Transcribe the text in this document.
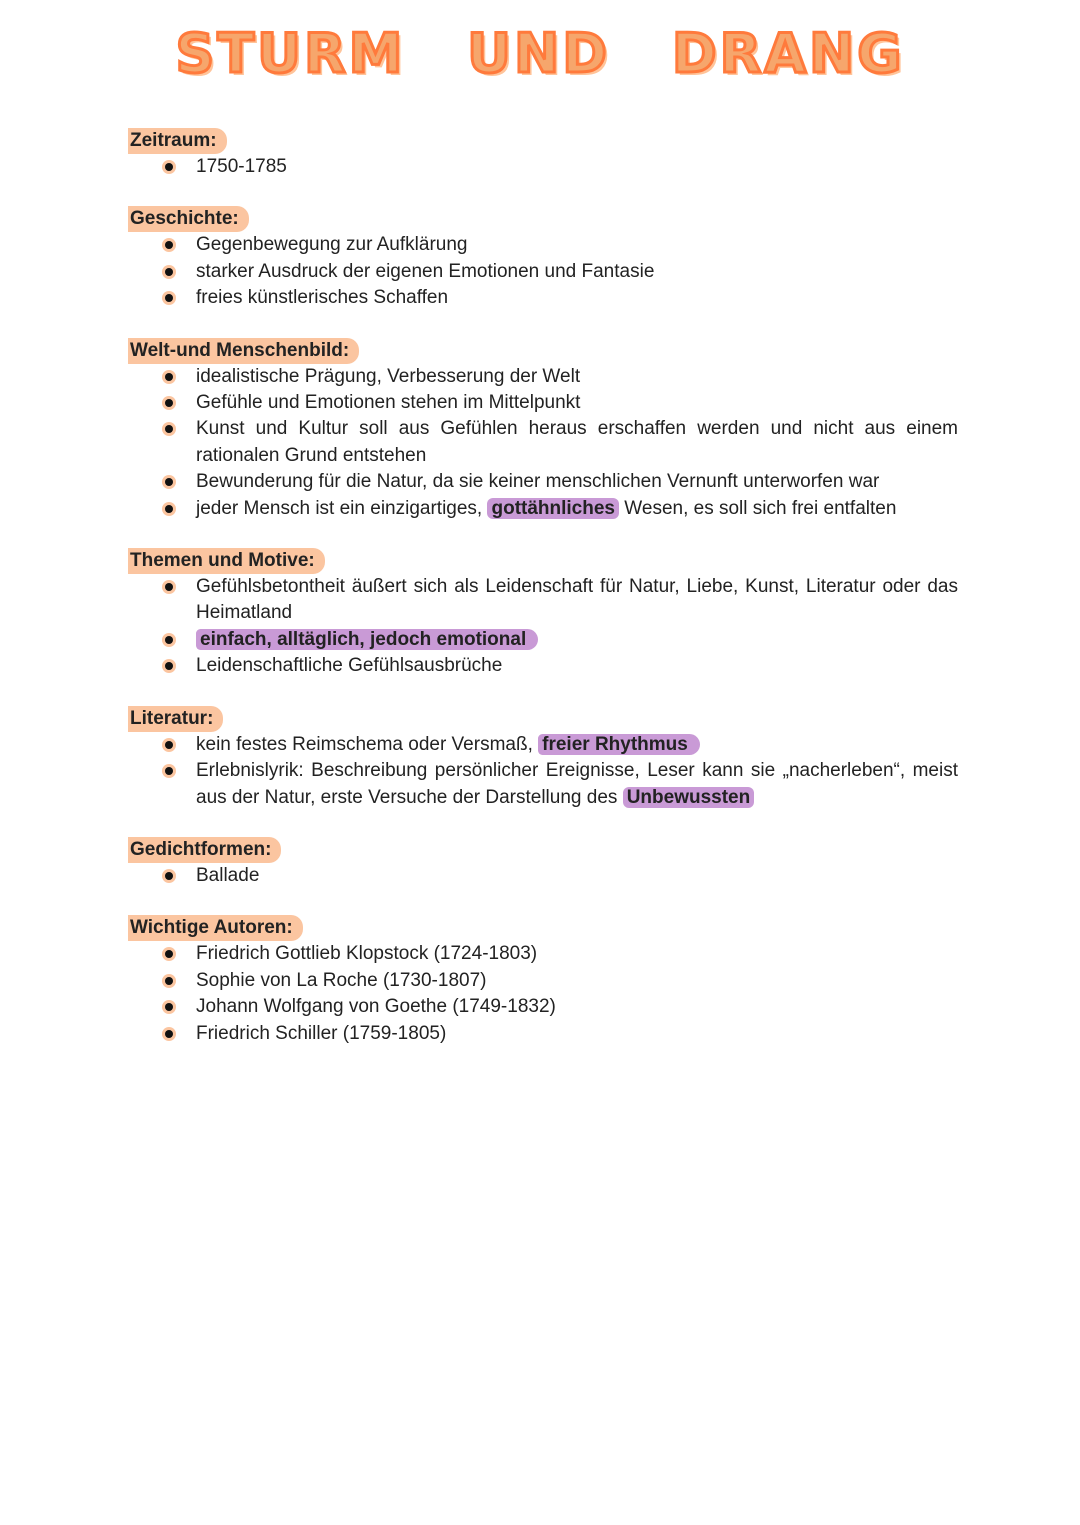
STURM UND DRANG
Zeitraum:
1750-1785
Geschichte:
Gegenbewegung zur Aufklärung
starker Ausdruck der eigenen Emotionen und Fantasie
freies künstlerisches Schaffen
Welt-und Menschenbild:
idealistische Prägung, Verbesserung der Welt
Gefühle und Emotionen stehen im Mittelpunkt
Kunst und Kultur soll aus Gefühlen heraus erschaffen werden und nicht aus einem rationalen Grund entstehen
Bewunderung für die Natur, da sie keiner menschlichen Vernunft unterworfen war
jeder Mensch ist ein einzigartiges, gottähnliches Wesen, es soll sich frei entfalten
Themen und Motive:
Gefühlsbetontheit äußert sich als Leidenschaft für Natur, Liebe, Kunst, Literatur oder das Heimatland
einfach, alltäglich, jedoch emotional
Leidenschaftliche Gefühlsausbrüche
Literatur:
kein festes Reimschema oder Versmaß, freier Rhythmus
Erlebnislyrik: Beschreibung persönlicher Ereignisse, Leser kann sie „nacherleben“, meist aus der Natur, erste Versuche der Darstellung des Unbewussten
Gedichtformen:
Ballade
Wichtige Autoren:
Friedrich Gottlieb Klopstock (1724-1803)
Sophie von La Roche (1730-1807)
Johann Wolfgang von Goethe (1749-1832)
Friedrich Schiller (1759-1805)
